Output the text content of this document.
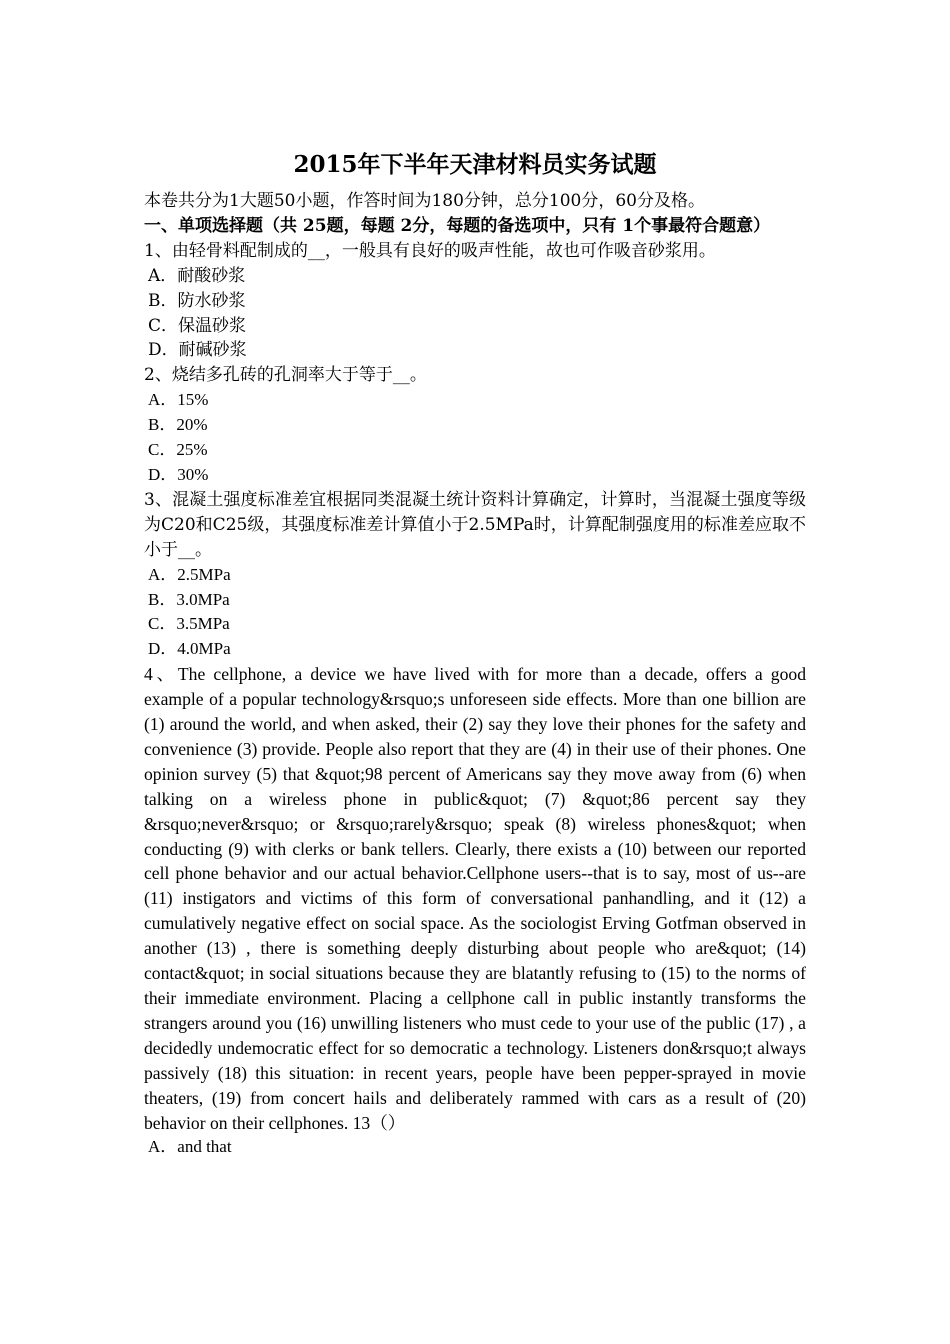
2015年下半年天津材料员实务试题

本卷共分为1大题50小题，作答时间为180分钟，总分100分，60分及格。

一、单项选择题（共 25题，每题 2分，每题的备选项中，只有 1个事最符合题意）

1、由轻骨料配制成的__，一般具有良好的吸声性能，故也可作吸音砂浆用。

A．耐酸砂浆

B．防水砂浆

C．保温砂浆

D．耐碱砂浆

2、烧结多孔砖的孔洞率大于等于__。

A．15%

B．20%

C．25%

D．30%

3、混凝土强度标准差宜根据同类混凝土统计资料计算确定，计算时，当混凝土强度等级为C20和C25级，其强度标准差计算值小于2.5MPa时，计算配制强度用的标准差应取不小于__。

A．2.5MPa

B．3.0MPa

C．3.5MPa

D．4.0MPa

4、The cellphone, a device we have lived with for more than a decade, offers a good example of a popular technology&rsquo;s unforeseen side effects. More than one billion are (1) around the world, and when asked, their (2) say they love their phones for the safety and convenience (3) provide. People also report that they are (4) in their use of their phones. One opinion survey (5) that &quot;98 percent of Americans say they move away from (6) when talking on a wireless phone in public&quot; (7) &quot;86 percent say they &rsquo;never&rsquo; or &rsquo;rarely&rsquo; speak (8) wireless phones&quot; when conducting (9) with clerks or bank tellers. Clearly, there exists a (10) between our reported cell phone behavior and our actual behavior.Cellphone users--that is to say, most of us--are (11) instigators and victims of this form of conversational panhandling, and it (12) a cumulatively negative effect on social space. As the sociologist Erving Gotfman observed in another (13) , there is something deeply disturbing about people who are&quot; (14) contact&quot; in social situations because they are blatantly refusing to (15) to the norms of their immediate environment. Placing a cellphone call in public instantly transforms the strangers around you (16) unwilling listeners who must cede to your use of the public (17) , a decidedly undemocratic effect for so democratic a technology. Listeners don&rsquo;t always passively (18) this situation: in recent years, people have been pepper-sprayed in movie theaters, (19) from concert hails and deliberately rammed with cars as a result of (20) behavior on their cellphones. 13（）

A．and that
